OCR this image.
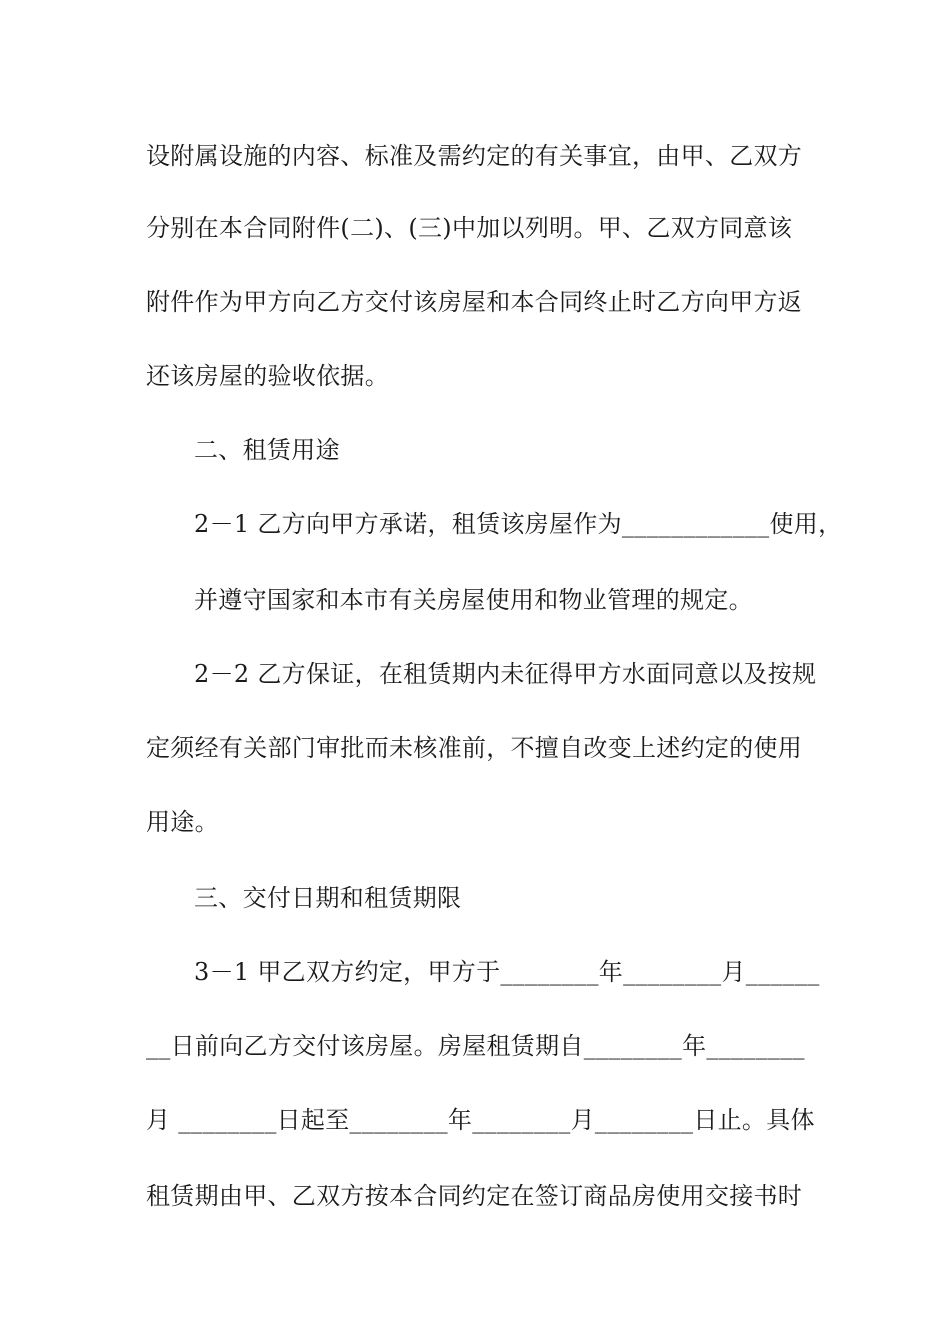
设附属设施的内容、标准及需约定的有关事宜，由甲、乙双方
分别在本合同附件(二)、(三)中加以列明。甲、乙双方同意该
附件作为甲方向乙方交付该房屋和本合同终止时乙方向甲方返
还该房屋的验收依据。
二、租赁用途
2－1 乙方向甲方承诺，租赁该房屋作为____________使用，
并遵守国家和本市有关房屋使用和物业管理的规定。
2－2 乙方保证，在租赁期内未征得甲方水面同意以及按规
定须经有关部门审批而未核准前，不擅自改变上述约定的使用
用途。
三、交付日期和租赁期限
3－1 甲乙双方约定，甲方于________年________月______
__日前向乙方交付该房屋。房屋租赁期自________年________
月 ________日起至________年________月________日止。具体
租赁期由甲、乙双方按本合同约定在签订商品房使用交接书时
